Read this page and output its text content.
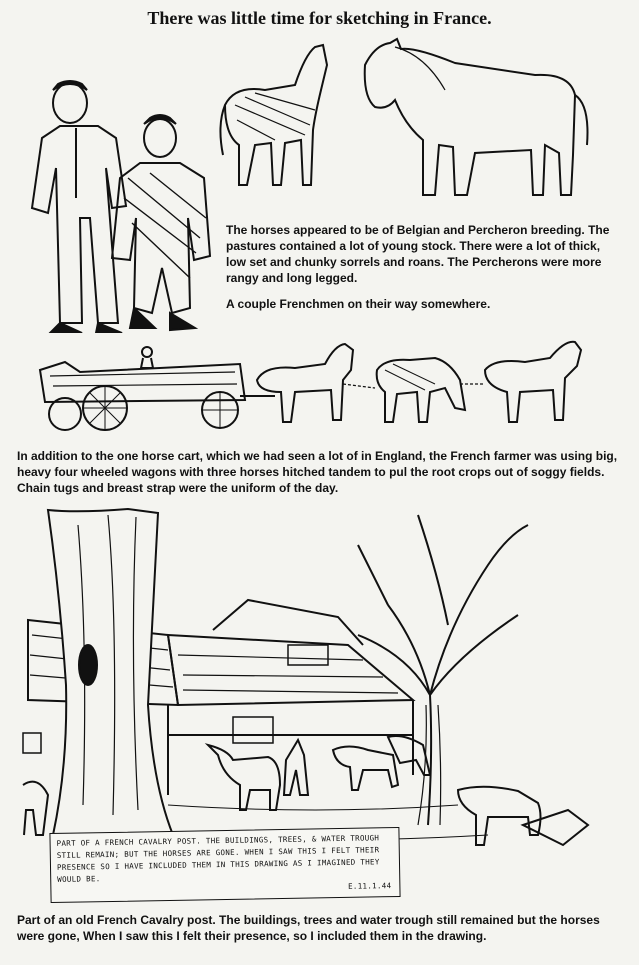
There was little time for sketching in France.
The horses appeared to be of Belgian and Percheron breeding. The pastures contained a lot of young stock. There were a lot of thick, low set and chunky sorrels and roans. The Percherons were more rangy and long legged.
A couple Frenchmen on their way somewhere.
In addition to the one horse cart, which we had seen a lot of in England, the French farmer was using big, heavy four wheeled wagons with three horses hitched tandem to pul the root crops out of soggy fields. Chain tugs and breast strap were the uniform of the day.
PART OF A FRENCH CAVALRY POST. THE BUILDINGS, TREES, & WATER TROUGH STILL REMAIN; BUT THE HORSES ARE GONE. WHEN I SAW THIS I FELT THEIR PRESENCE SO I HAVE INCLUDED THEM IN THIS DRAWING AS I IMAGINED THEY WOULD BE.
E.11.1.44
Part of an old French Cavalry post. The buildings, trees and water trough still remained but the horses were gone, When I saw this I felt their presence, so I included them in the drawing.
